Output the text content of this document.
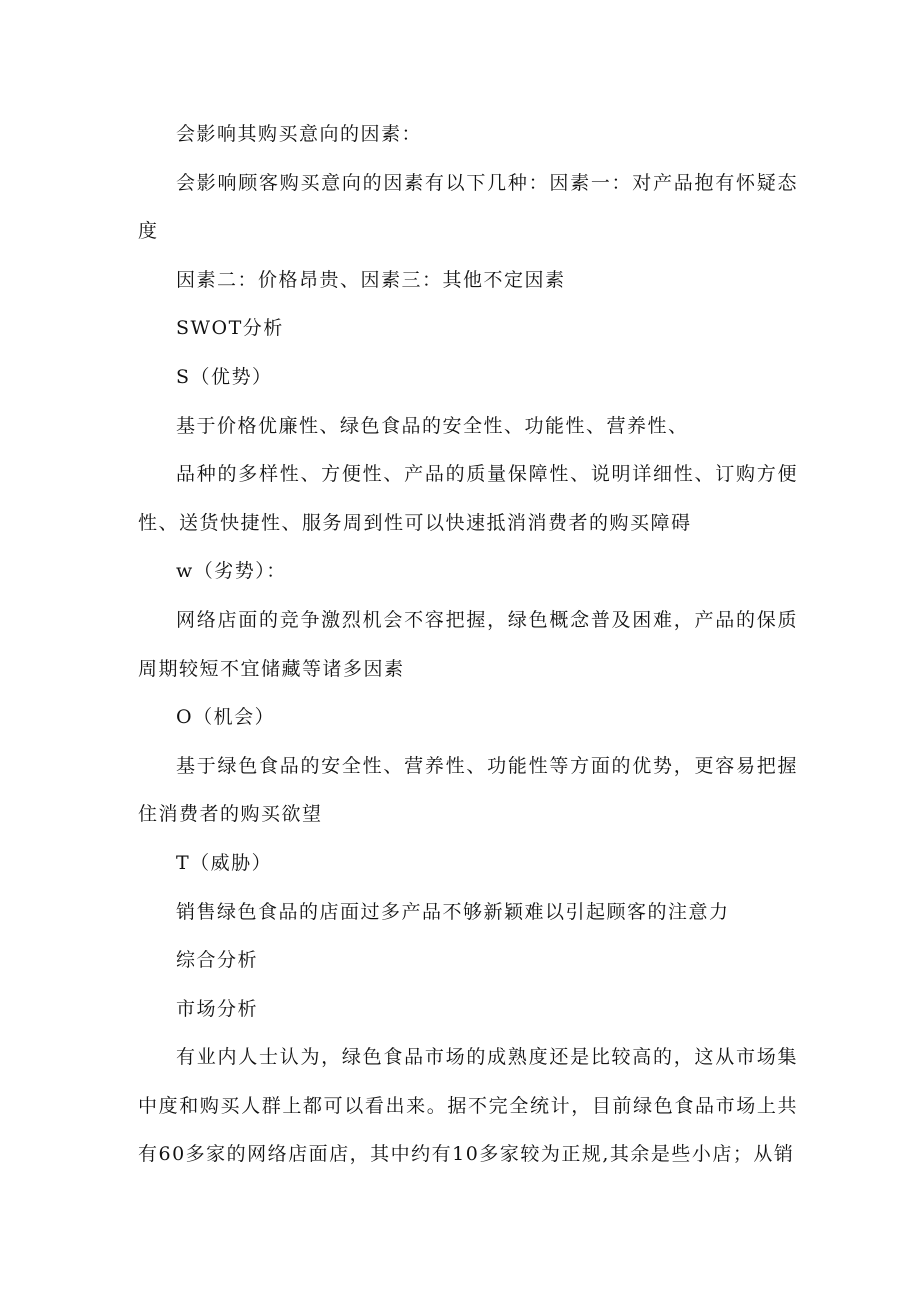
会影响其购买意向的因素：

会影响顾客购买意向的因素有以下几种：因素一：对产品抱有怀疑态度

因素二：价格昂贵、因素三：其他不定因素

SWOT分析

S（优势）

基于价格优廉性、绿色食品的安全性、功能性、营养性、

品种的多样性、方便性、产品的质量保障性、说明详细性、订购方便性、送货快捷性、服务周到性可以快速抵消消费者的购买障碍

w（劣势）：

网络店面的竞争激烈机会不容把握，绿色概念普及困难，产品的保质周期较短不宜储藏等诸多因素

O（机会）

基于绿色食品的安全性、营养性、功能性等方面的优势，更容易把握住消费者的购买欲望

T（威胁）

销售绿色食品的店面过多产品不够新颖难以引起顾客的注意力

综合分析

市场分析

有业内人士认为，绿色食品市场的成熟度还是比较高的，这从市场集中度和购买人群上都可以看出来。据不完全统计，目前绿色食品市场上共有60多家的网络店面店，其中约有10多家较为正规,其余是些小店；从销
